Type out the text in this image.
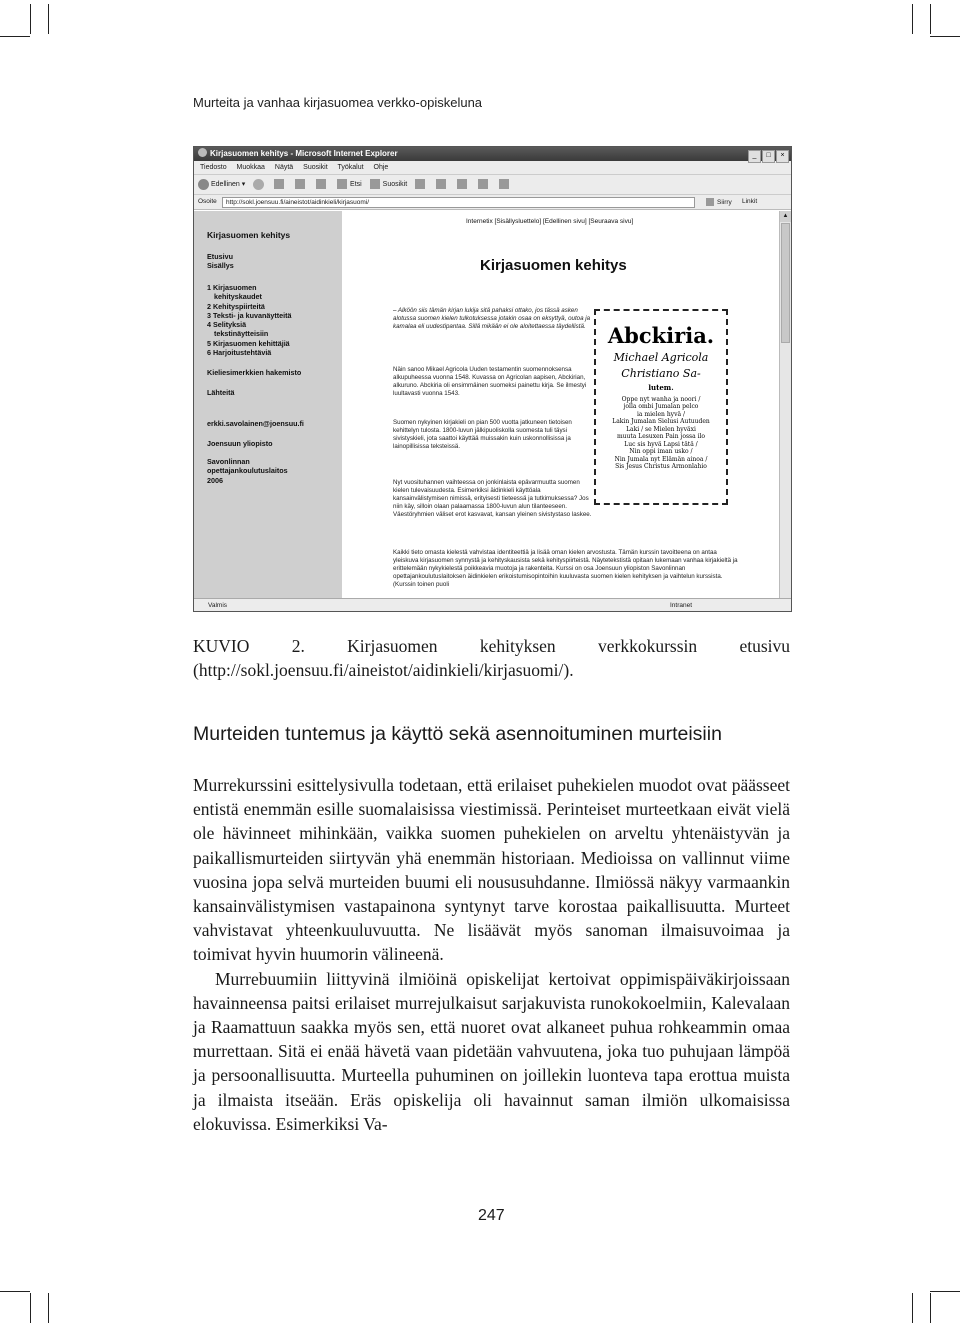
Murteita ja vanhaa kirjasuomea verkko-opiskeluna
Kirjasuomen kehitys - Microsoft Internet Explorer	_ □ ×
Tiedosto Muokkaa Näytä Suosikit Työkalut Ohje
Edellinen ▾	Etsi	Suosikit
Osoite	http://sokl.joensuu.fi/aineistot/aidinkieli/kirjasuomi/	Siirry Linkit
Kirjasuomen kehitys
Etusivu
Sisällys
1 Kirjasuomen
kehityskaudet
2 Kehityspiirteitä
3 Teksti- ja kuvanäytteitä
4 Selityksiä
tekstinäytteisiin
5 Kirjasuomen kehittäjiä
6 Harjoitustehtäviä
Kieliesimerkkien hakemisto
Lähteitä
erkki.savolainen@joensuu.fi
Joensuun yliopisto
Savonlinnan
opettajankoulutuslaitos
2006
Internetix [Sisällysluettelo] [Edellinen sivu] [Seuraava sivu]
Kirjasuomen kehitys
– Alköön siis tämän kirjan lukija sitä pahaksi ottako, jos tässä asken alotussa suomen kielen tulkotuksessa jotakin osaa on eksyttyä, outoa ja kamalaa eli uudestipantaa. Sillä mikään ei ole aloitettaessa täydellistä.
Näin sanoo Mikael Agricola Uuden testamentin suomennoksensa alkupuheessa vuonna 1548. Kuvassa on Agricolan aapisen, Abckirian, alkuruno. Abckiria oli ensimmäinen suomeksi painettu kirja. Se ilmestyi luultavasti vuonna 1543.
Suomen nykyinen kirjakieli on pian 500 vuotta jatkuneen tietoisen kehittelyn tulosta. 1800-luvun jälkipuoliskolla suomesta tuli täysi sivistyskieli, jota saattoi käyttää muissakin kuin uskonnollisissa ja lainopillisissa teksteissä.
Nyt vuosituhannen vaihteessa on jonkinlaista epävarmuutta suomen kielen tulevaisuudesta. Esimerkiksi äidinkieli käyttöala kansainvälistymisen nimissä, erityisesti tieteessä ja tutkimuksessa? Jos niin käy, silloin olaan palaamassa 1800-luvun alun tilanteeseen. Väestöryhmien väliset erot kasvavat, kansan yleinen sivistystaso laskee.
Kaikki tieto omasta kielestä vahvistaa identiteettiä ja lisää oman kielen arvostusta. Tämän kurssin tavoitteena on antaa yleiskuva kirjasuomen synnystä ja kehityskausista sekä kehityspiirteistä. Näytetekstistä opitaan lukemaan vanhaa kirjakieltä ja erittelemään nykykielestä poikkeavia muotoja ja rakenteita. Kurssi on osa Joensuun yliopiston Savonlinnan opettajankoulutuslaitoksen äidinkielen erikoistumisopintoihin kuuluvasta suomen kielen kehityksen ja vaihtelun kurssista. (Kurssin toinen puoli
Abckiria.
Michael Agricola
Christiano Sa-
lutem.
Oppe nyt wanha ja noori /
jolla ombi Jumalan pelco
ia mielen hyvä /
Lakin Jumalan Sielusi Autuuden
Laki / se Mielen hyväxi
muuta Lesuxen Pain jossa ilo
Luc sis hyvä Lapsi tätä /
Nin oppi iman usko /
Nin Jumala nyt Elämän ainoa /
Sis Jesus Christus Armonlahio
▲
Valmis	Intranet
KUVIO 2. Kirjasuomen kehityksen verkkokurssin etusivu (http://sokl.joensuu.fi/aineistot/aidinkieli/kirjasuomi/).
Murteiden tuntemus ja käyttö sekä asennoituminen murteisiin

Murrekurssini esittelysivulla todetaan, että erilaiset puhekielen muodot ovat päässeet entistä enemmän esille suomalaisissa viestimissä. Perinteiset murteetkaan eivät vielä ole hävinneet mihinkään, vaikka suomen puhekielen on arveltu yhtenäistyvän ja paikallismurteiden siirtyvän yhä enemmän historiaan. Medioissa on vallinnut viime vuosina jopa selvä murteiden buumi eli noususuhdanne. Ilmiössä näkyy varmaankin kansainvälistymisen vastapainona syntynyt tarve korostaa paikallisuutta. Murteet vahvistavat yhteenkuuluvuutta. Ne lisäävät myös sanoman ilmaisuvoimaa ja toimivat hyvin huumorin välineenä.

Murrebuumiin liittyvinä ilmiöinä opiskelijat kertoivat oppimispäiväkirjoissaan havainneensa paitsi erilaiset murrejulkaisut sarjakuvista runokokoelmiin, Kalevalaan ja Raamattuun saakka myös sen, että nuoret ovat alkaneet puhua rohkeammin omaa murrettaan. Sitä ei enää hävetä vaan pidetään vahvuutena, joka tuo puhujaan lämpöä ja persoonallisuutta. Murteella puhuminen on joillekin luonteva tapa erottua muista ja ilmaista itseään. Eräs opiskelija oli havainnut saman ilmiön ulkomaisissa elokuvissa. Esimerkiksi Va-

247
